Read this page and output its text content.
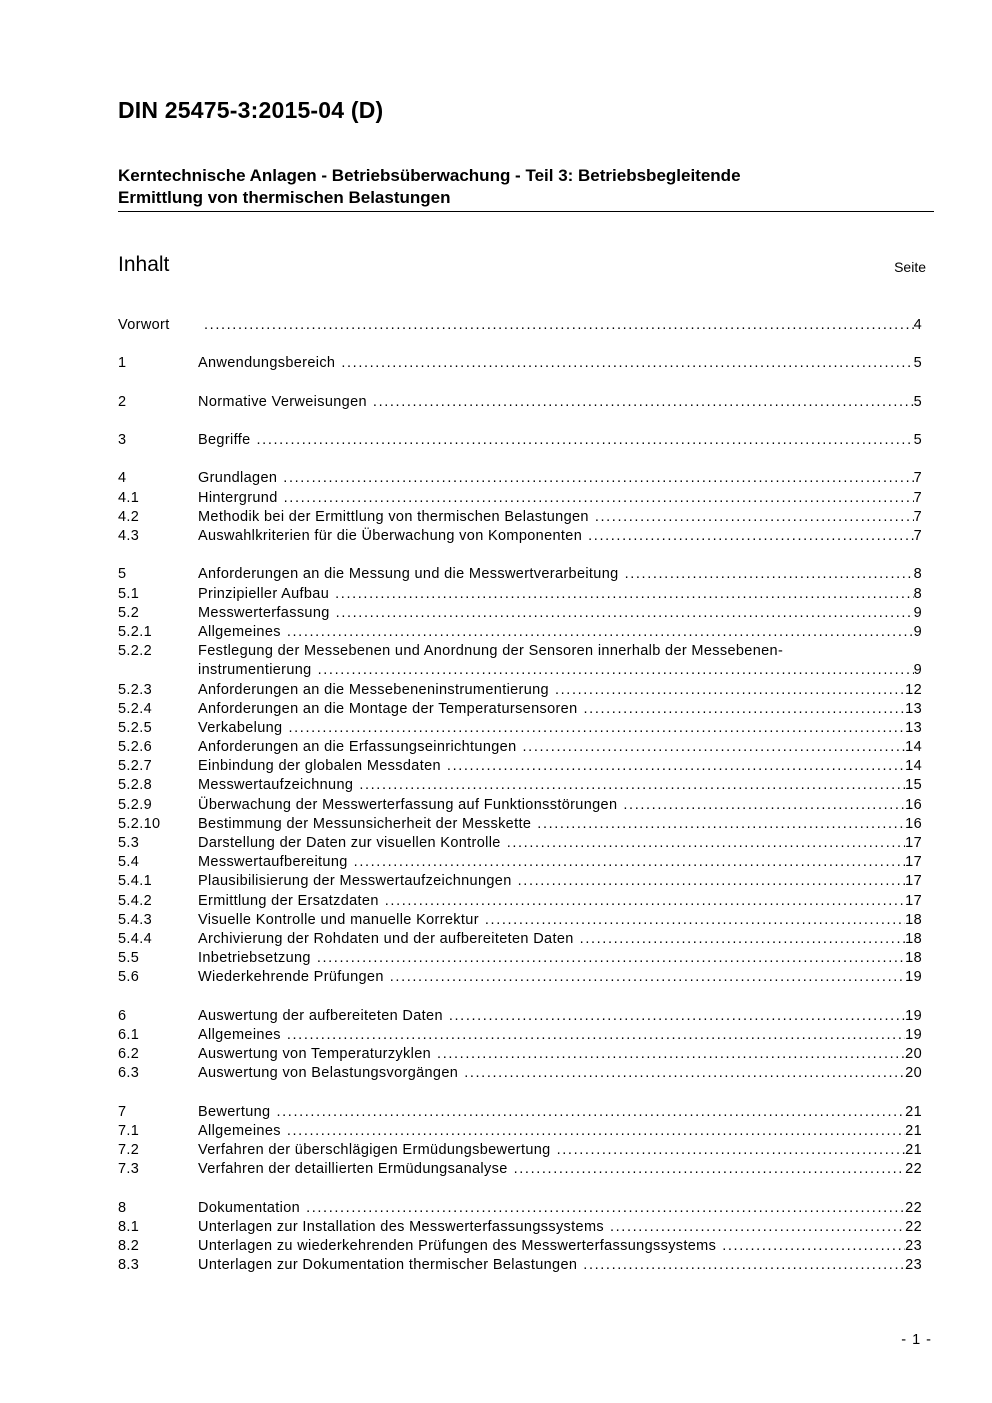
DIN 25475-3:2015-04 (D)
Kerntechnische Anlagen - Betriebsüberwachung - Teil 3: Betriebsbegleitende
Ermittlung von thermischen Belastungen
Inhalt	Seite
Vorwort . . .	4
1	Anwendungsbereich . . .	5
2	Normative Verweisungen . . .	5
3	Begriffe . . .	5
4	Grundlagen . . .	7
4.1	Hintergrund . . .	7
4.2	Methodik bei der Ermittlung von thermischen Belastungen . . .	7
4.3	Auswahlkriterien für die Überwachung von Komponenten . . .	7
5	Anforderungen an die Messung und die Messwertverarbeitung . . .	8
5.1	Prinzipieller Aufbau . . .	8
5.2	Messwerterfassung . . .	9
5.2.1	Allgemeines . . .	9
5.2.2	Festlegung der Messebenen und Anordnung der Sensoren innerhalb der Messebenen-
instrumentierung . . .	9
5.2.3	Anforderungen an die Messebeneninstrumentierung . . .	12
5.2.4	Anforderungen an die Montage der Temperatursensoren . . .	13
5.2.5	Verkabelung . . .	13
5.2.6	Anforderungen an die Erfassungseinrichtungen . . .	14
5.2.7	Einbindung der globalen Messdaten . . .	14
5.2.8	Messwertaufzeichnung . . .	15
5.2.9	Überwachung der Messwerterfassung auf Funktionsstörungen . . .	16
5.2.10	Bestimmung der Messunsicherheit der Messkette . . .	16
5.3	Darstellung der Daten zur visuellen Kontrolle . . .	17
5.4	Messwertaufbereitung . . .	17
5.4.1	Plausibilisierung der Messwertaufzeichnungen . . .	17
5.4.2	Ermittlung der Ersatzdaten . . .	17
5.4.3	Visuelle Kontrolle und manuelle Korrektur . . .	18
5.4.4	Archivierung der Rohdaten und der aufbereiteten Daten . . .	18
5.5	Inbetriebsetzung . . .	18
5.6	Wiederkehrende Prüfungen . . .	19
6	Auswertung der aufbereiteten Daten . . .	19
6.1	Allgemeines . . .	19
6.2	Auswertung von Temperaturzyklen . . .	20
6.3	Auswertung von Belastungsvorgängen . . .	20
7	Bewertung . . .	21
7.1	Allgemeines . . .	21
7.2	Verfahren der überschlägigen Ermüdungsbewertung . . .	21
7.3	Verfahren der detaillierten Ermüdungsanalyse . . .	22
8	Dokumentation . . .	22
8.1	Unterlagen zur Installation des Messwerterfassungssystems . . .	22
8.2	Unterlagen zu wiederkehrenden Prüfungen des Messwerterfassungssystems . . .	23
8.3	Unterlagen zur Dokumentation thermischer Belastungen . . .	23
- 1 -
